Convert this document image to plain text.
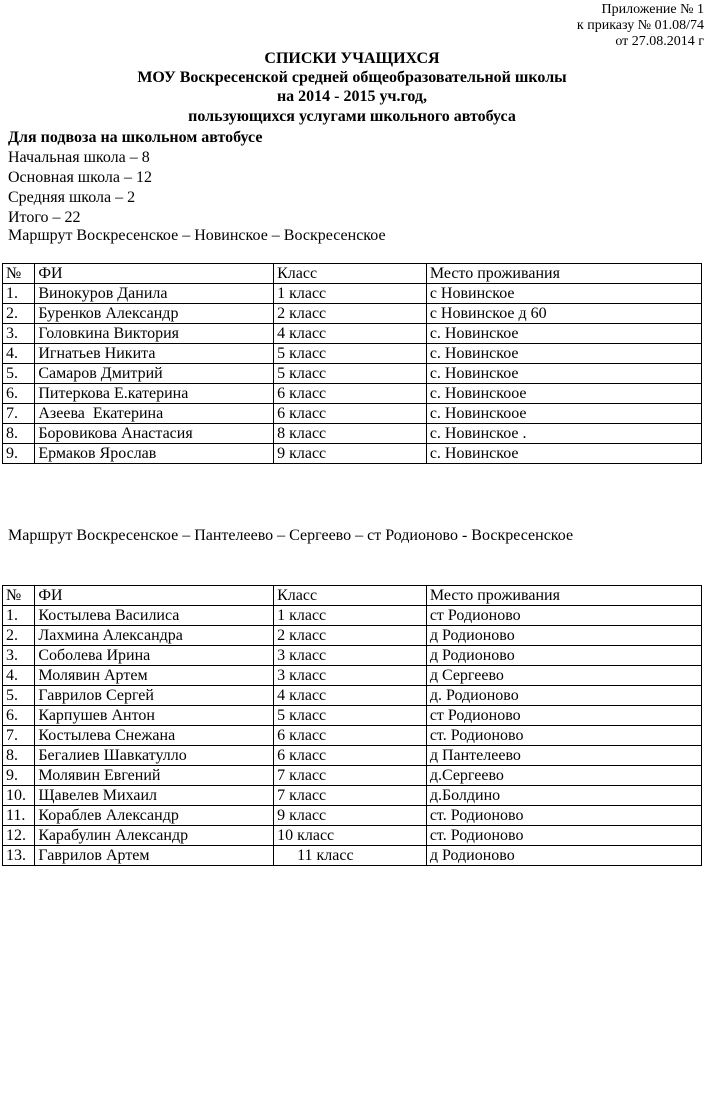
Приложение № 1
к приказу № 01.08/74
от 27.08.2014 г
СПИСКИ УЧАЩИХСЯ
МОУ Воскресенской средней общеобразовательной школы
на 2014 - 2015 уч.год,
пользующихся услугами школьного автобуса
Для подвоза на школьном автобусе
Начальная школа – 8
Основная школа – 12
Средняя школа – 2
Итого – 22
Маршрут Воскресенское – Новинское – Воскресенское
№	ФИ	Класс	Место проживания
1.	Винокуров Данила	1 класс	с Новинское
2.	Буренков Александр	2 класс	с Новинское д 60
3.	Головкина Виктория	4 класс	с. Новинское
4.	Игнатьев Никита	5 класс	с. Новинское
5.	Самаров Дмитрий	5 класс	с. Новинское
6.	Питеркова Е.катерина	6 класс	с. Новинскоое
7.	Азеева  Екатерина	6 класс	с. Новинскоое
8.	Боровикова Анастасия	8 класс	с. Новинское .
9.	Ермаков Ярослав	9 класс	с. Новинское
Маршрут Воскресенское – Пантелеево – Сергеево – ст Родионово - Воскресенское
№	ФИ	Класс	Место проживания
1.	Костылева Василиса	1 класс	ст Родионово
2.	Лахмина Александра	2 класс	д Родионово
3.	Соболева Ирина	3 класс	д Родионово
4.	Молявин Артем	3 класс	д Сергеево
5.	Гаврилов Сергей	4 класс	д. Родионово
6.	Карпушев Антон	5 класс	ст Родионово
7.	Костылева Снежана	6 класс	ст. Родионово
8.	Бегалиев Шавкатулло	6 класс	д Пантелеево
9.	Молявин Евгений	7 класс	д.Сергеево
10.	Щавелев Михаил	7 класс	д.Болдино
11.	Кораблев Александр	9 класс	ст. Родионово
12.	Карабулин Александр	10 класс	ст. Родионово
13.	Гаврилов Артем	11 класс	д Родионово
